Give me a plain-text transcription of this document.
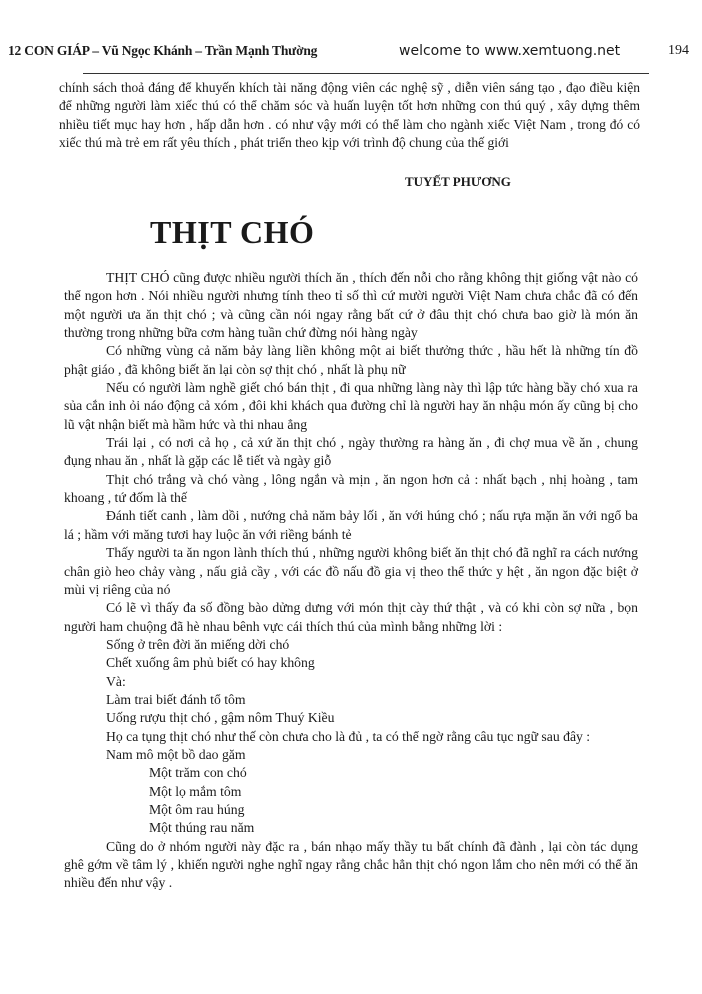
12 CON GIÁP – Vũ Ngọc Khánh – Trần Mạnh Thường	welcome to www.xemtuong.net	194
chính sách thoả đáng để khuyến khích tài năng động viên các nghệ sỹ , diễn viên sáng tạo , đạo điều kiện để những người làm xiếc thú có thể chăm sóc và huấn luyện tốt hơn những con thú quý , xây dựng thêm nhiều tiết mục hay hơn , hấp dẫn hơn . có như vậy mới có thể làm cho ngành xiếc Việt Nam , trong đó có xiếc thú mà trẻ em rất yêu thích , phát triển theo kịp với trình độ chung của thế giới
TUYẾT PHƯƠNG
THỊT CHÓ

THỊT CHÓ cũng được nhiều người thích ăn , thích đến nỗi cho rằng không thịt giống vật nào có thể ngon hơn . Nói nhiều người nhưng tính theo tỉ số thì cứ mười người Việt Nam chưa chắc đã có đến một người ưa ăn thịt chó ; và cũng cần nói ngay rằng bất cứ ở đâu thịt chó chưa bao giờ là món ăn thường trong những bữa cơm hàng tuần chứ đừng nói hàng ngày

Có những vùng cả năm bảy làng liền không một ai biết thưởng thức , hầu hết là những tín đồ phật giáo , đã không biết ăn lại còn sợ thịt chó , nhất là phụ nữ

Nếu có người làm nghề giết chó bán thịt , đi qua những làng này thì lập tức hàng bầy chó xua ra sủa cắn inh ỏi náo động cả xóm , đôi khi khách qua đường chỉ là người hay ăn nhậu món ấy cũng bị cho lũ vật nhận biết mà hầm hức và thi nhau ẳng

Trái lại , có nơi cả họ , cả xứ ăn thịt chó , ngày thường ra hàng ăn , đi chợ mua về ăn , chung đụng nhau ăn , nhất là gặp các lễ tiết và ngày giỗ

Thịt chó trắng và chó vàng , lông ngắn và mịn , ăn ngon hơn cả : nhất bạch , nhị hoàng , tam khoang , tứ đốm là thế

Đánh tiết canh , làm dồi , nướng chả năm bảy lối , ăn với húng chó ; nấu rựa mặn ăn với ngổ ba lá ; hầm với măng tươi hay luộc ăn với riềng bánh tẻ

Thấy người ta ăn ngon lành thích thú , những người không biết ăn thịt chó đã nghĩ ra cách nướng chân giò heo chảy vàng , nấu giả cầy , với các đồ nấu đồ gia vị theo thể thức y hệt , ăn ngon đặc biệt ở mùi vị riêng của nó

Có lẽ vì thấy đa số đồng bào dửng dưng với món thịt cày thứ thật , và có khi còn sợ nữa , bọn người ham chuộng đã hè nhau bênh vực cái thích thú của mình bằng những lời :

Sống ở trên đời ăn miếng dời chó
Chết xuống âm phủ biết có hay không
Và:
Làm trai biết đánh tổ tôm
Uống rượu thịt chó , gậm nôm Thuý Kiều
Họ ca tụng thịt chó như thế còn chưa cho là đủ , ta có thể ngờ rằng câu tục ngữ sau đây :
Nam mô một bồ dao găm
Một trăm con chó
Một lọ mắm tôm
Một ôm rau húng
Một thúng rau năm

Cũng do ở nhóm người này đặc ra , bán nhạo mấy thầy tu bất chính đã đành , lại còn tác dụng ghê gớm về tâm lý , khiến người nghe nghĩ ngay rằng chắc hẳn thịt chó ngon lắm cho nên mới có thể ăn nhiều đến như vậy .
